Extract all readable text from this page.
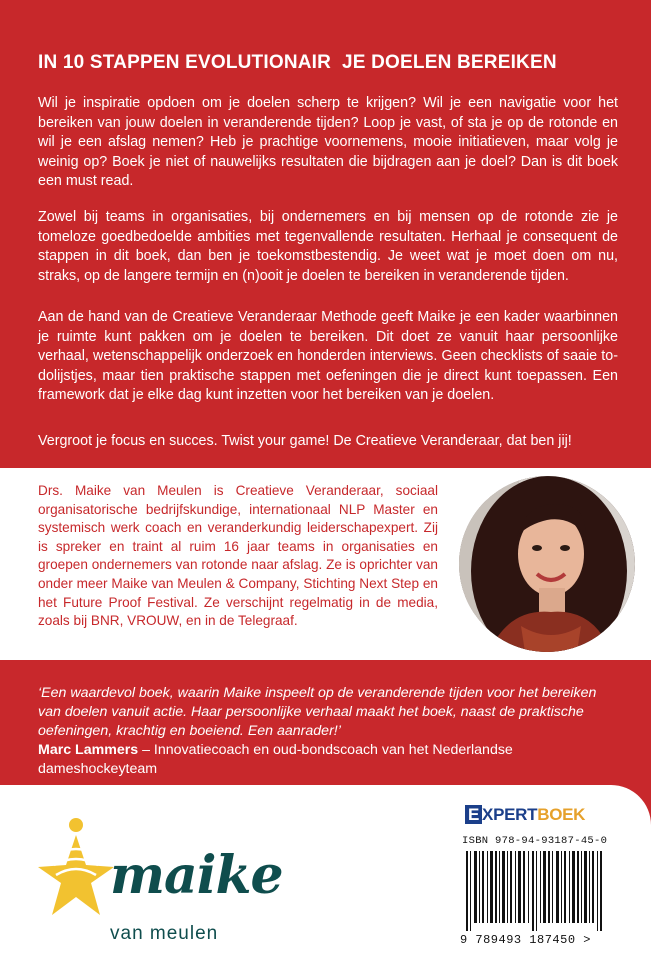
IN 10 STAPPEN EVOLUTIONAIR  JE DOELEN BEREIKEN

Wil je inspiratie opdoen om je doelen scherp te krijgen? Wil je een navigatie voor het bereiken van jouw doelen in veranderende tijden? Loop je vast, of sta je op de rotonde en wil je een afslag nemen? Heb je prachtige voornemens, mooie initiatieven, maar volg je weinig op? Boek je niet of nauwelijks resultaten die bijdragen aan je doel? Dan is dit boek een must read.

Zowel bij teams in organisaties, bij ondernemers en bij mensen op de rotonde zie je tomeloze goedbedoelde ambities met tegenvallende resultaten. Herhaal je consequent de stappen in dit boek, dan ben je toekomstbestendig. Je weet wat je moet doen om nu, straks, op de langere termijn en (n)ooit je doelen te bereiken in veranderende tijden.

Aan de hand van de Creatieve Veranderaar Methode geeft Maike je een kader waarbinnen je ruimte kunt pakken om je doelen te bereiken. Dit doet ze vanuit haar persoonlijke verhaal, wetenschappelijk onderzoek en honderden interviews. Geen checklists of saaie to-dolijstjes, maar tien praktische stappen met oefeningen die je direct kunt toepassen. Een framework dat je elke dag kunt inzetten voor het bereiken van je doelen.

Vergroot je focus en succes. Twist your game! De Creatieve Veranderaar, dat ben jij!

Drs. Maike van Meulen is Creatieve Veranderaar, sociaal organisatorische bedrijfskundige, internationaal NLP Master en systemisch werk coach en veranderkundig leiderschapexpert. Zij is spreker en traint al ruim 16 jaar teams in organisaties en groepen ondernemers van rotonde naar afslag. Ze is oprichter van onder meer Maike van Meulen & Company, Stichting Next Step en het Future Proof Festival. Ze verschijnt regelmatig in de media, zoals bij BNR, VROUW, en in de Telegraaf.

‘Een waardevol boek, waarin Maike inspeelt op de veranderende tijden voor het bereiken van doelen vanuit actie. Haar persoonlijke verhaal maakt het boek, naast de praktische oefeningen, krachtig en boeiend. Een aanrader!’

Marc Lammers – Innovatiecoach en oud-bondscoach van het Nederlandse dameshockeyteam
maike
van meulen
E XPERTBOEK
ISBN 978-94-93187-45-0
9 789493 187450 >
